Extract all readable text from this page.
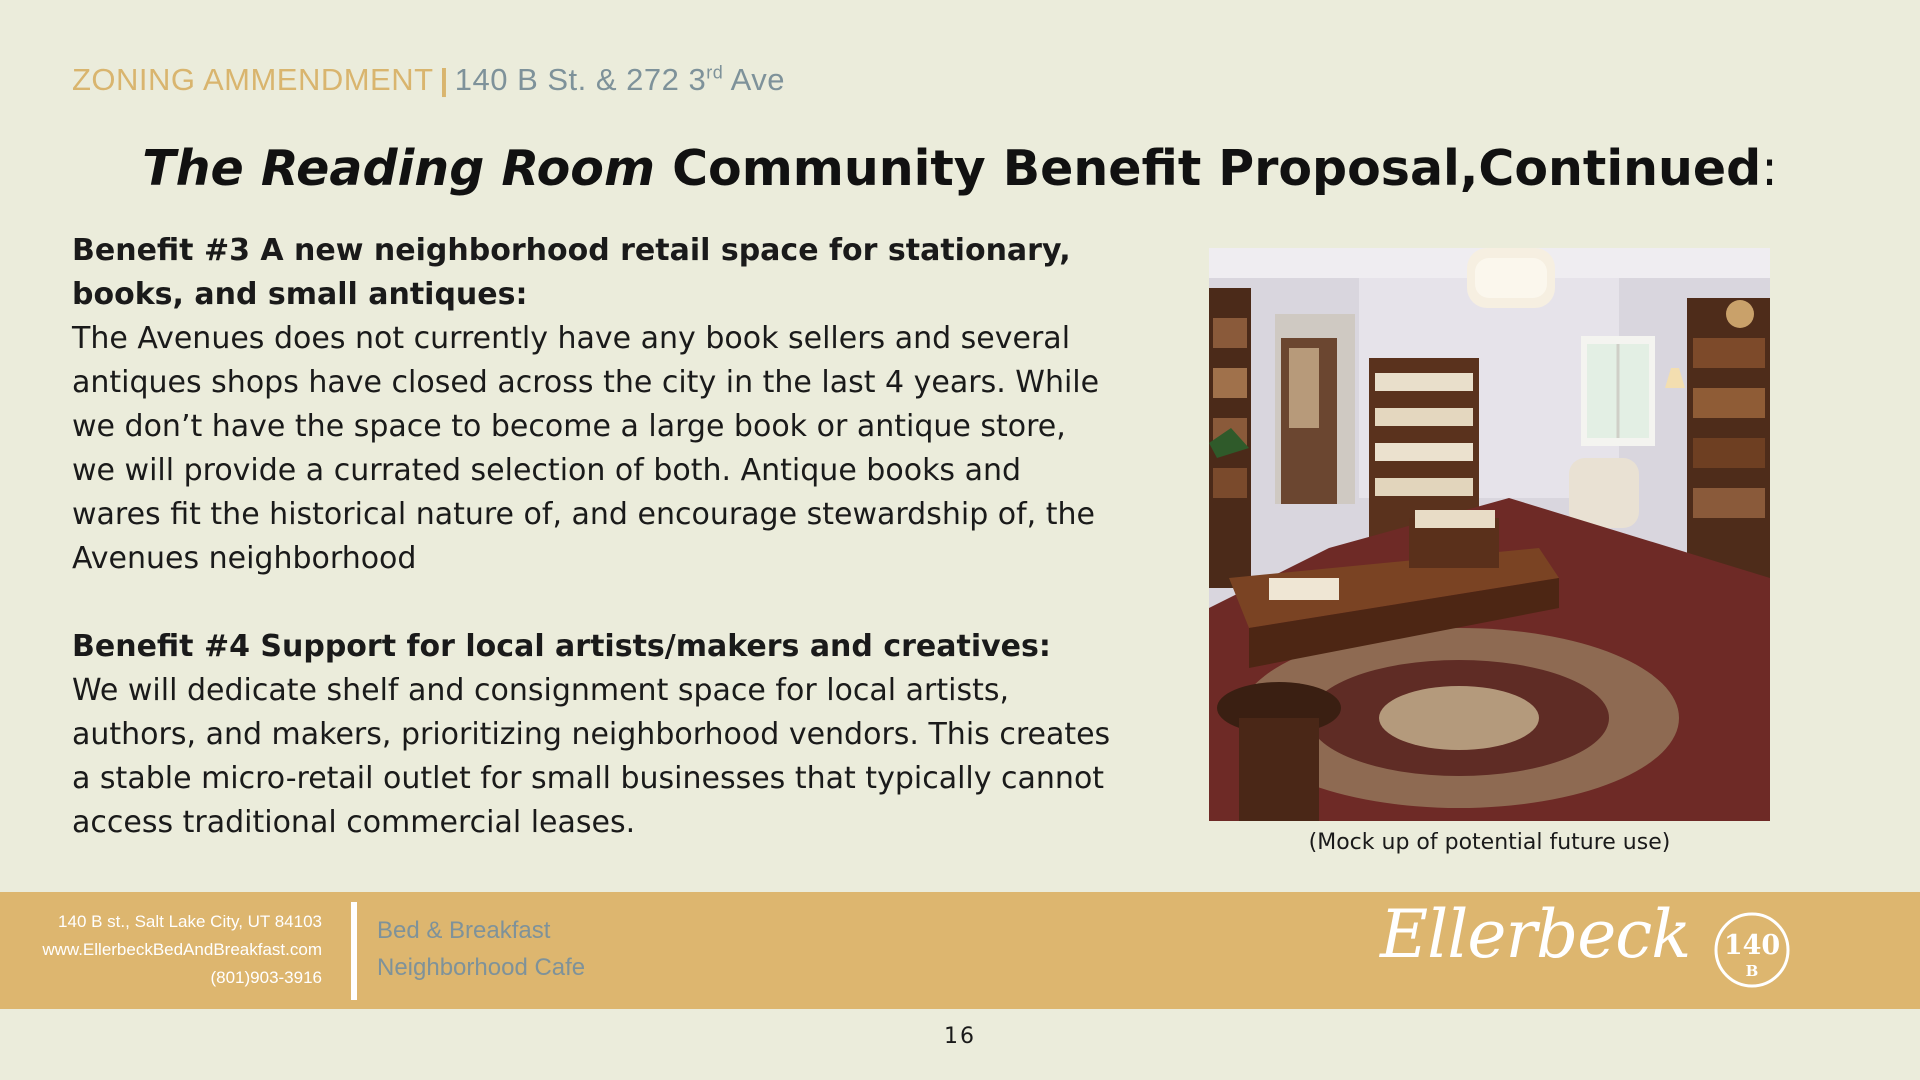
ZONING AMMENDMENT | 140 B St. & 272 3rd Ave
The Reading Room Community Benefit Proposal,Continued:

Benefit #3 A new neighborhood retail space for stationary, books, and small antiques:

The Avenues does not currently have any book sellers and several antiques shops have closed across the city in the last 4 years. While we don’t have the space to become a large book or antique store, we will provide a currated selection of both. Antique books and wares fit the historical nature of, and encourage stewardship of, the Avenues neighborhood

Benefit #4 Support for local artists/makers and creatives:

We will dedicate shelf and consignment space for local artists, authors, and makers, prioritizing neighborhood vendors. This creates a stable micro-retail outlet for small businesses that typically cannot access traditional commercial leases.

(Mock up of potential future use)
140 B st., Salt Lake City, UT 84103
www.EllerbeckBedAndBreakfast.com
(801)903-3916
Bed & Breakfast
Neighborhood Cafe	Ellerbeck 140
B
16
